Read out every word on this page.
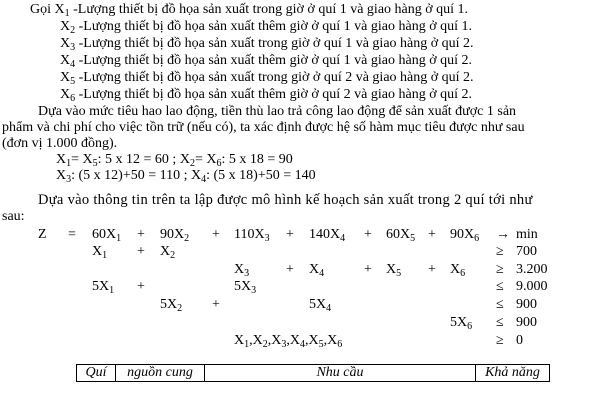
Gọi $X_1$ -Lượng thiết bị đồ họa sản xuất trong giờ ở quí 1 và giao hàng ở quí 1.
$X_2$ -Lượng thiết bị đồ họa sản xuất thêm giờ ở quí 1 và giao hàng ở quí 1.
$X_3$ -Lượng thiết bị đồ họa sản xuất trong giờ ở quí 1 và giao hàng ở quí 2.
$X_4$ -Lượng thiết bị đồ họa sản xuất thêm giờ ở quí 1 và giao hàng ở quí 2.
$X_5$ -Lượng thiết bị đồ họa sản xuất trong giờ ở quí 2 và giao hàng ở quí 2.
$X_6$ -Lượng thiết bị đồ họa sản xuất thêm giờ ở quí 2 và giao hàng ở quí 2.
Dựa vào mức tiêu hao lao động, tiền thù lao trả công lao động để sản xuất được 1 sản
phẩm và chi phí cho việc tồn trữ (nếu có), ta xác định được hệ số hàm mục tiêu được như sau
(đơn vị 1.000 đồng).
$X_1= X_5$: 5 x 12 = 60 ; $X_2= X_6$: 5 x 18 = 90
$X_3$: (5 x 12)+50 = 110 ; $X_4$: (5 x 18)+50 = 140
Dựa vào thông tin trên ta lập được mô hình kế hoạch sản xuất trong 2 quí tới như
sau:
$Z = 60X_1 + 90X_2 + 110X_3 + 140X_4 + 60X_5 + 90X_6 \to \min$
$X_1 + X_2$	≥ 700
$X_3$	+ $X_4$	+ $X_5 + X_6 \ge 3.200$
$5X_1$ +	$5X_3$	≤ 9.000
$5X_2$ +	$5X_4$	≤ 900
$5X_6 \le 900$
$X_1,X_2,X_3,X_4,X_5,X_6$	≥ 0
Quí	nguồn cung	Nhu cầu	Khả năng
